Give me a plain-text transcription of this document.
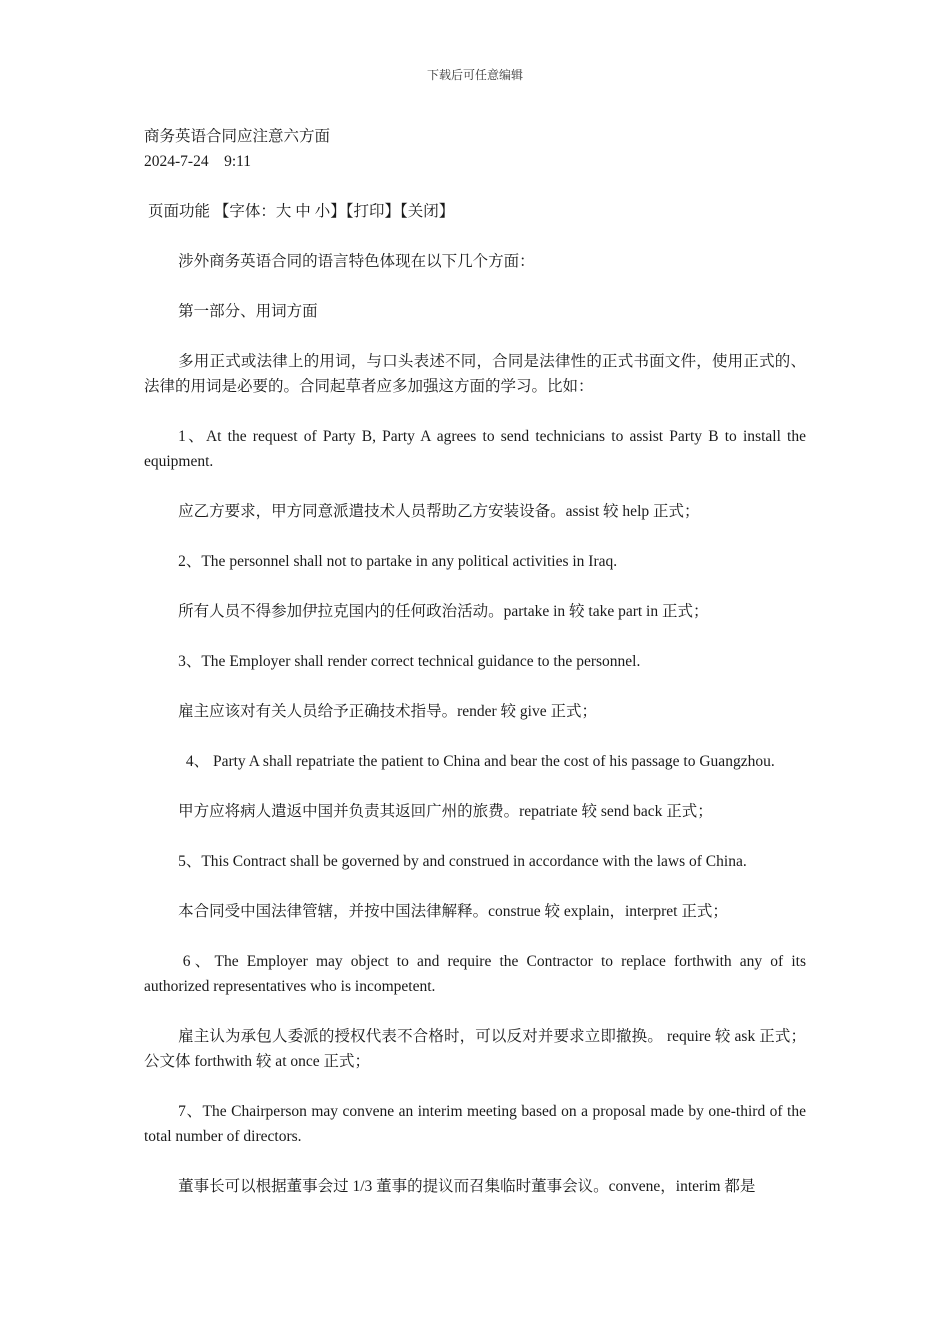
下载后可任意编辑

商务英语合同应注意六方面

2024-7-24    9:11

页面功能 【字体：大 中 小】【打印】【关闭】

涉外商务英语合同的语言特色体现在以下几个方面：

第一部分、用词方面

多用正式或法律上的用词，与口头表述不同，合同是法律性的正式书面文件，使用正式的、法律的用词是必要的。合同起草者应多加强这方面的学习。比如：

1、At the request of Party B, Party A agrees to send technicians to assist Party B to install the equipment.

应乙方要求，甲方同意派遣技术人员帮助乙方安装设备。assist 较 help 正式；

2、The personnel shall not to partake in any political activities in Iraq.

所有人员不得参加伊拉克国内的任何政治活动。partake in 较 take part in 正式；

3、The Employer shall render correct technical guidance to the personnel.

雇主应该对有关人员给予正确技术指导。render 较 give 正式；

4、 Party A shall repatriate the patient to China and bear the cost of his passage to Guangzhou.

甲方应将病人遣返中国并负责其返回广州的旅费。repatriate 较 send back 正式；

5、This Contract shall be governed by and construed in accordance with the laws of China.

本合同受中国法律管辖，并按中国法律解释。construe 较 explain，interpret 正式；

6、The Employer may object to and require the Contractor to replace forthwith any of its authorized representatives who is incompetent.

雇主认为承包人委派的授权代表不合格时，可以反对并要求立即撤换。 require 较 ask 正式；公文体 forthwith 较 at once 正式；

7、The Chairperson may convene an interim meeting based on a proposal made by one-third of the total number of directors.

董事长可以根据董事会过 1/3 董事的提议而召集临时董事会议。convene，interim 都是
